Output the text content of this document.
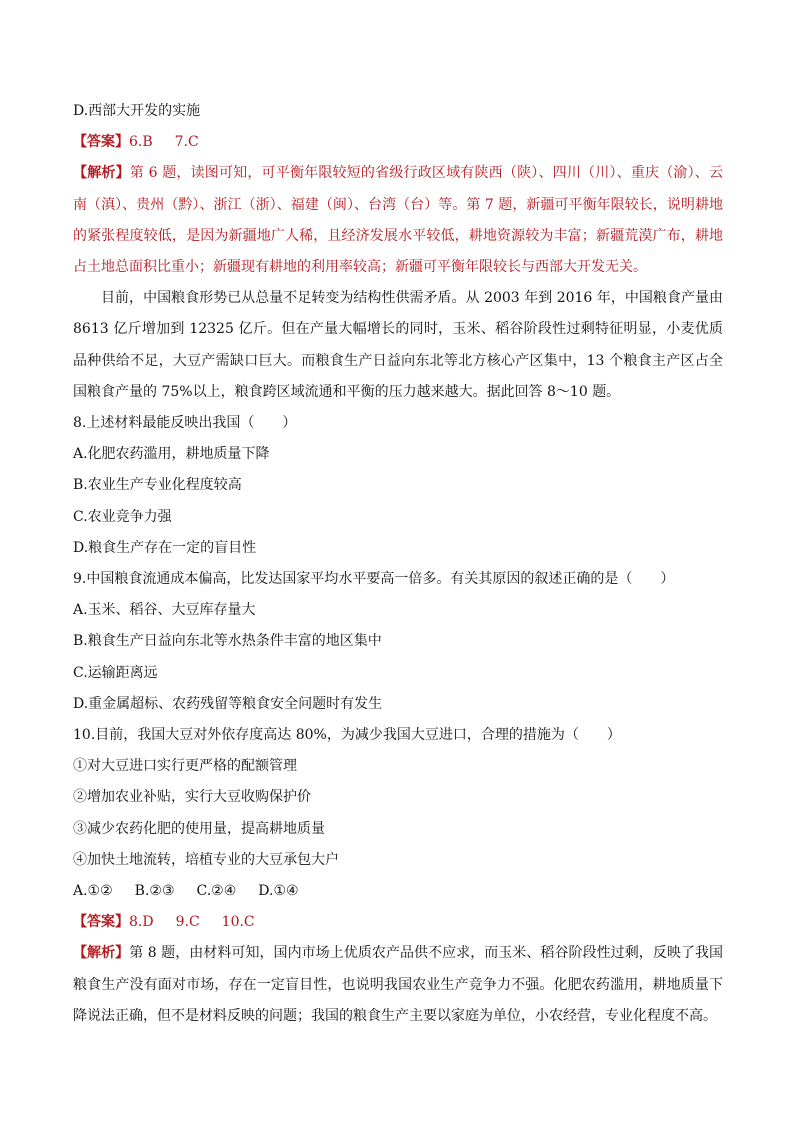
D.西部大开发的实施
【答案】6.B 7.C
【解析】第 6 题，读图可知，可平衡年限较短的省级行政区域有陕西（陕）、四川（川）、重庆（渝）、云南（滇）、贵州（黔）、浙江（浙）、福建（闽）、台湾（台）等。第 7 题，新疆可平衡年限较长，说明耕地的紧张程度较低，是因为新疆地广人稀，且经济发展水平较低，耕地资源较为丰富；新疆荒漠广布，耕地占土地总面积比重小；新疆现有耕地的利用率较高；新疆可平衡年限较长与西部大开发无关。
目前，中国粮食形势已从总量不足转变为结构性供需矛盾。从 2003 年到 2016 年，中国粮食产量由 8613 亿斤增加到 12325 亿斤。但在产量大幅增长的同时，玉米、稻谷阶段性过剩特征明显，小麦优质品种供给不足，大豆产需缺口巨大。而粮食生产日益向东北等北方核心产区集中，13 个粮食主产区占全国粮食产量的 75%以上，粮食跨区域流通和平衡的压力越来越大。据此回答 8～10 题。
8.上述材料最能反映出我国（　　）
A.化肥农药滥用，耕地质量下降
B.农业生产专业化程度较高
C.农业竞争力强
D.粮食生产存在一定的盲目性
9.中国粮食流通成本偏高，比发达国家平均水平要高一倍多。有关其原因的叙述正确的是（　　）
A.玉米、稻谷、大豆库存量大
B.粮食生产日益向东北等水热条件丰富的地区集中
C.运输距离远
D.重金属超标、农药残留等粮食安全问题时有发生
10.目前，我国大豆对外依存度高达 80%，为减少我国大豆进口，合理的措施为（　　）
①对大豆进口实行更严格的配额管理
②增加农业补贴，实行大豆收购保护价
③减少农药化肥的使用量，提高耕地质量
④加快土地流转，培植专业的大豆承包大户
A.①② B.②③ C.②④ D.①④
【答案】8.D 9.C 10.C
【解析】第 8 题，由材料可知，国内市场上优质农产品供不应求，而玉米、稻谷阶段性过剩，反映了我国粮食生产没有面对市场，存在一定盲目性，也说明我国农业生产竞争力不强。化肥农药滥用，耕地质量下降说法正确，但不是材料反映的问题；我国的粮食生产主要以家庭为单位，小农经营，专业化程度不高。
